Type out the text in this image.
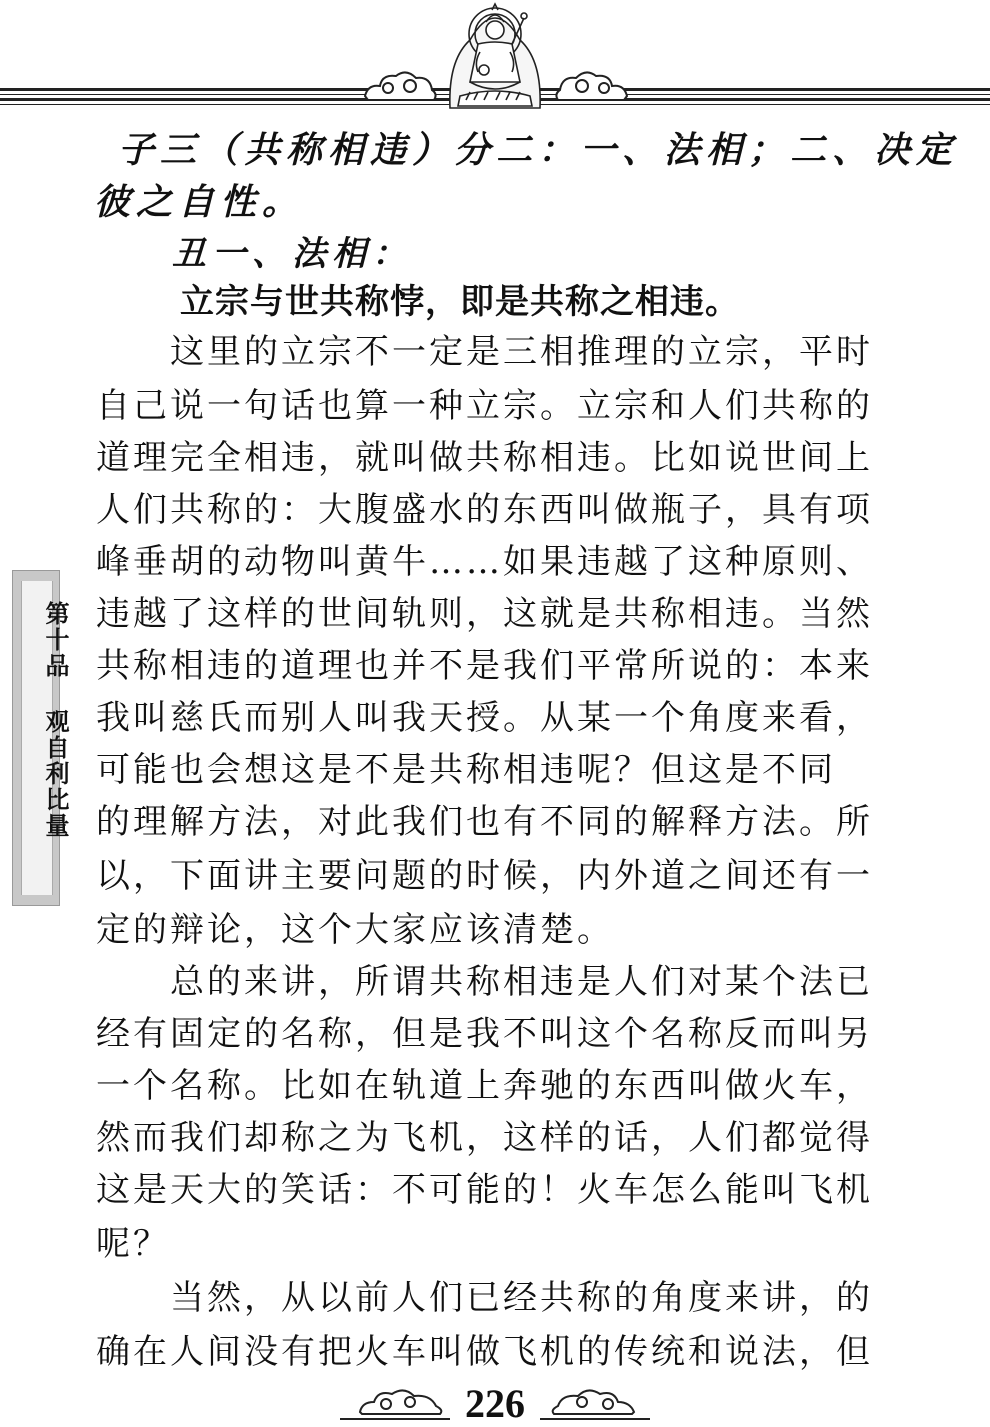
子三（共称相违）分二：一、法相；二、决定
彼之自性。
丑一、法相：
立宗与世共称悖，即是共称之相违。
这里的立宗不一定是三相推理的立宗，平时
自己说一句话也算一种立宗。立宗和人们共称的
道理完全相违，就叫做共称相违。比如说世间上
人们共称的：大腹盛水的东西叫做瓶子，具有项
峰垂胡的动物叫黄牛……如果违越了这种原则、
违越了这样的世间轨则，这就是共称相违。当然
共称相违的道理也并不是我们平常所说的：本来
我叫慈氏而别人叫我天授。从某一个角度来看，
可能也会想这是不是共称相违呢？但这是不同
的理解方法，对此我们也有不同的解释方法。所
以，下面讲主要问题的时候，内外道之间还有一
定的辩论，这个大家应该清楚。
总的来讲，所谓共称相违是人们对某个法已
经有固定的名称，但是我不叫这个名称反而叫另
一个名称。比如在轨道上奔驰的东西叫做火车，
然而我们却称之为飞机，这样的话，人们都觉得
这是天大的笑话：不可能的！火车怎么能叫飞机
呢？
当然，从以前人们已经共称的角度来讲，的
确在人间没有把火车叫做飞机的传统和说法，但
第十品 观自利比量
226
